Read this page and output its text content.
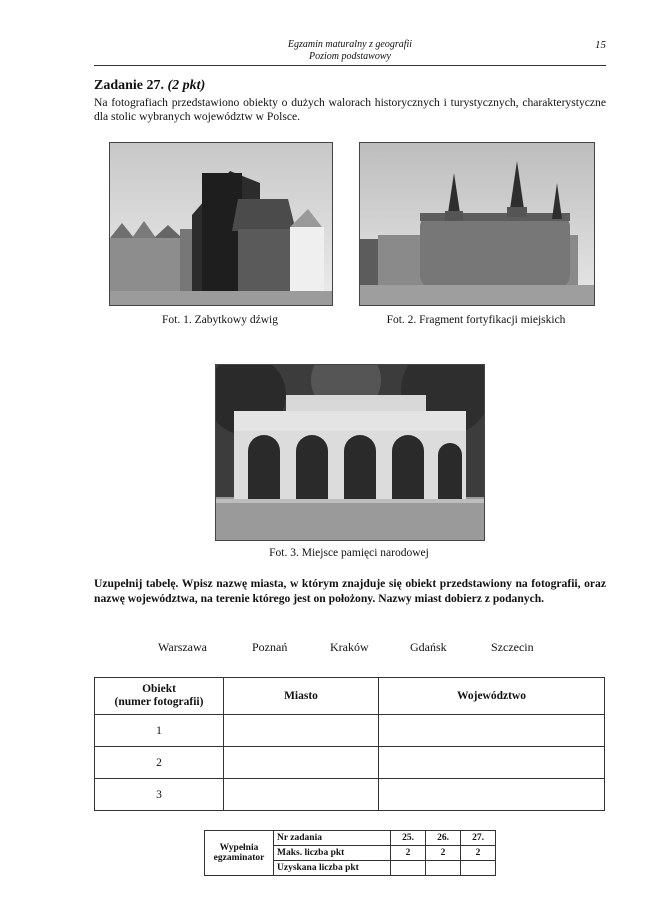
Egzamin maturalny z geografii
Poziom podstawowy
15
Zadanie 27. (2 pkt)
Na fotografiach przedstawiono obiekty o dużych walorach historycznych i turystycznych, charakterystyczne dla stolic wybranych województw w Polsce.
Fot. 1. Zabytkowy dźwig	Fot. 2. Fragment fortyfikacji miejskich
Fot. 3. Miejsce pamięci narodowej
Uzupełnij tabelę. Wpisz nazwę miasta, w którym znajduje się obiekt przedstawiony na fotografii, oraz nazwę województwa, na terenie którego jest on położony. Nazwy miast dobierz z podanych.
Warszawa	Poznań	Kraków	Gdańsk	Szczecin
Obiekt
(numer fotografii)	Miasto	Województwo
1		
2		
3		
Wypełnia
egzaminator	Nr zadania	25.	26.	27.
	Maks. liczba pkt	2	2	2
	Uzyskana liczba pkt			
